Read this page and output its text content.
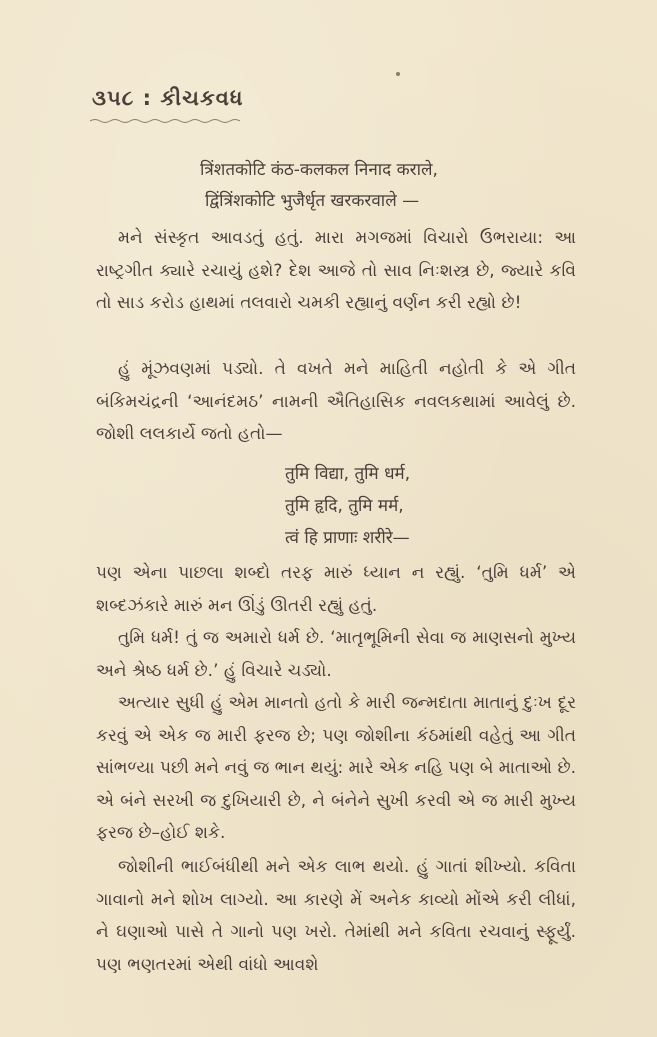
૩૫૮ : કીચકવધ
त्रिंशतकोटि कंठ-कलकल निनाद कराले,
द्विंत्रिंशकोटि भुजैर्धृत खरकरवाले —
મને સંસ્કૃત આવડતું હતું. મારા મગજમાં વિચારો ઉભરાયા: આ રાષ્ટ્રગીત ક્યારે રચાયું હશે? દેશ આજે તો સાવ નિઃશસ્ત્ર છે, જ્યારે કવિ તો સાડ કરોડ હાથમાં તલવારો ચમકી રહ્યાનું વર્ણન કરી રહ્યો છે!
હું મૂંઝવણમાં પડ્યો. તે વખતે મને માહિતી નહોતી કે એ ગીત બંકિમચંદ્રની ‘આનંદમઠ’ નામની ઐતિહાસિક નવલકથામાં આવેલું છે. જોશી લલકાર્યે જતો હતો—
तुमि विद्या, तुमि धर्म,
तुमि हृदि, तुमि मर्म,
त्वं हि प्राणाः शरीरे—
પણ એના પાછલા શબ્દો તરફ મારું ધ્યાન ન રહ્યું. ‘તુમિ ધર્મ’ એ શબ્દઝંકારે મારું મન ઊંડું ઊતરી રહ્યું હતું.
તુમિ ધર્મ! તું જ અમારો ધર્મ છે. ‘માતૃભૂમિની સેવા જ માણસનો મુખ્ય અને શ્રેષ્ઠ ધર્મ છે.’ હું વિચારે ચડ્યો.
અત્યાર સુધી હું એમ માનતો હતો કે મારી જન્મદાતા માતાનું દુઃખ દૂર કરવું એ એક જ મારી ફરજ છે; પણ જોશીના કંઠમાંથી વહેતું આ ગીત સાંભળ્યા પછી મને નવું જ ભાન થયું: મારે એક નહિ પણ બે માતાઓ છે. એ બંને સરખી જ દુખિયારી છે, ને બંનેને સુખી કરવી એ જ મારી મુખ્ય ફરજ છે–હોઈ શકે.
જોશીની ભાઈબંધીથી મને એક લાભ થયો. હું ગાતાં શીખ્યો. કવિતા ગાવાનો મને શોખ લાગ્યો. આ કારણે મેં અનેક કાવ્યો મોંએ કરી લીધાં, ને ઘણાઓ પાસે તે ગાનો પણ ખરો. તેમાંથી મને કવિતા રચવાનું સ્ફૂર્યું. પણ ભણતરમાં એથી વાંધો આવશે
